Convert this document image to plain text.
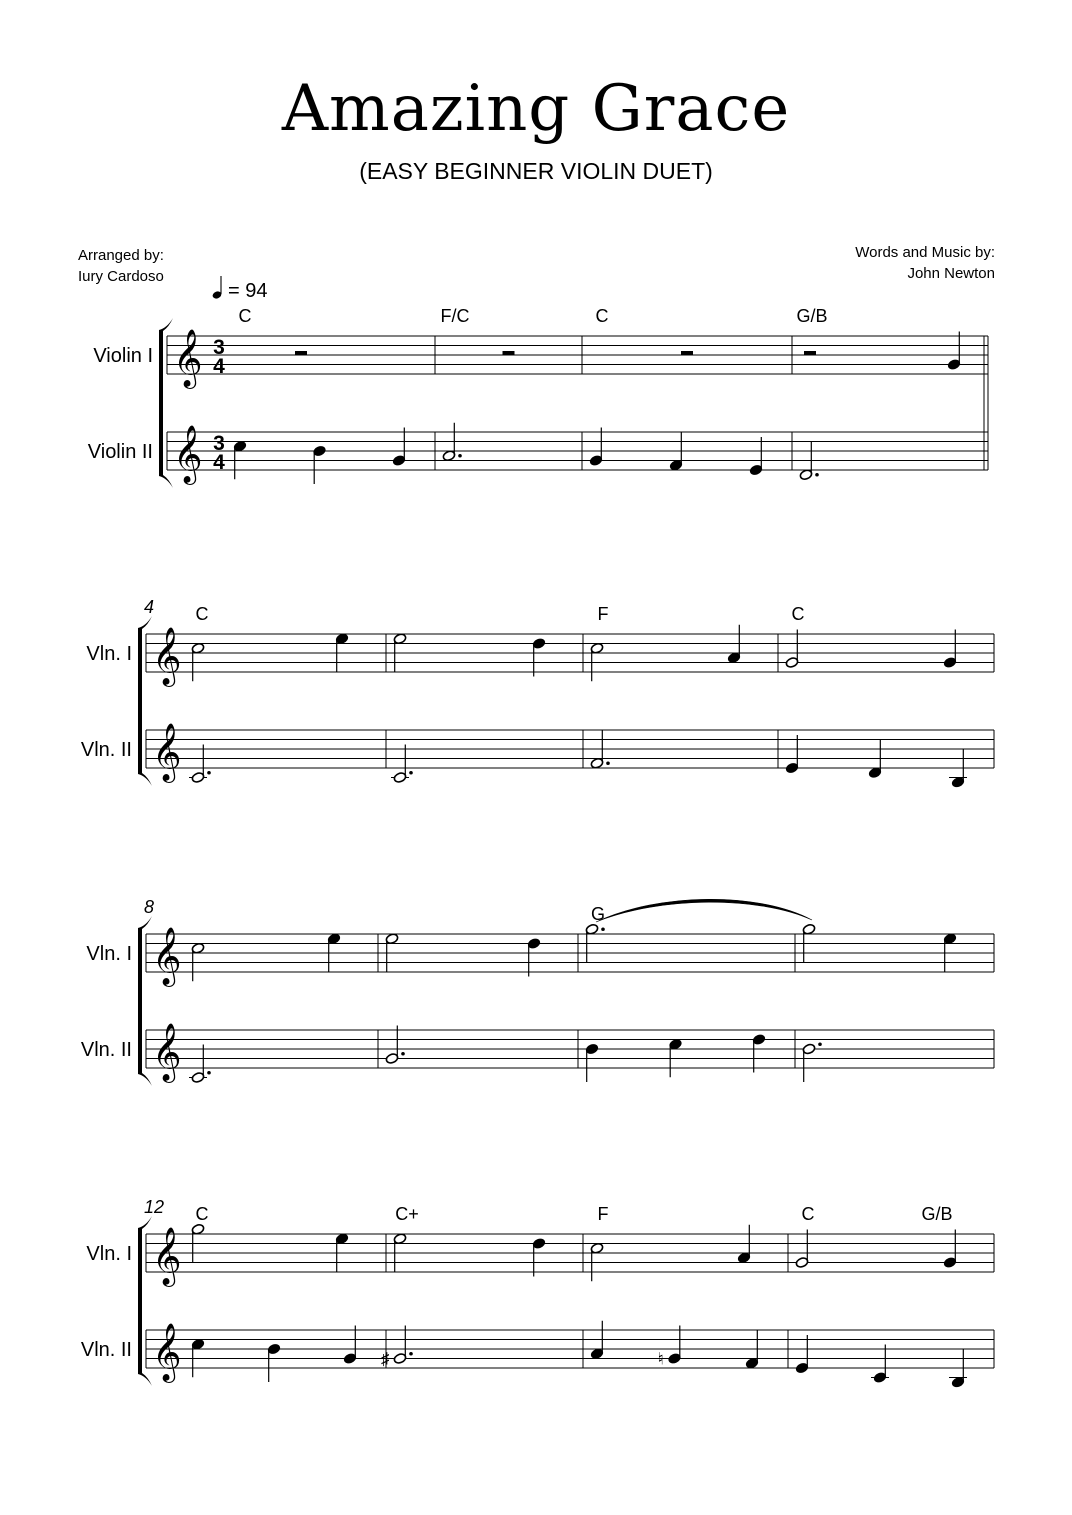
Amazing Grace
(EASY BEGINNER VIOLIN DUET)
Arranged by:
Iury Cardoso
Words and Music by:
John Newton
= 94
Violin I 𝄞
Violin II 𝄞
3
4
3
4
C	F/C	C	G/B
Vln. I 𝄞
Vln. II 𝄞
4 C	F	C
Vln. I 𝄞
Vln. II 𝄞
8	G
Vln. I 𝄞
Vln. II 𝄞
12 C	C+	F	C	G/B
♯	♮
